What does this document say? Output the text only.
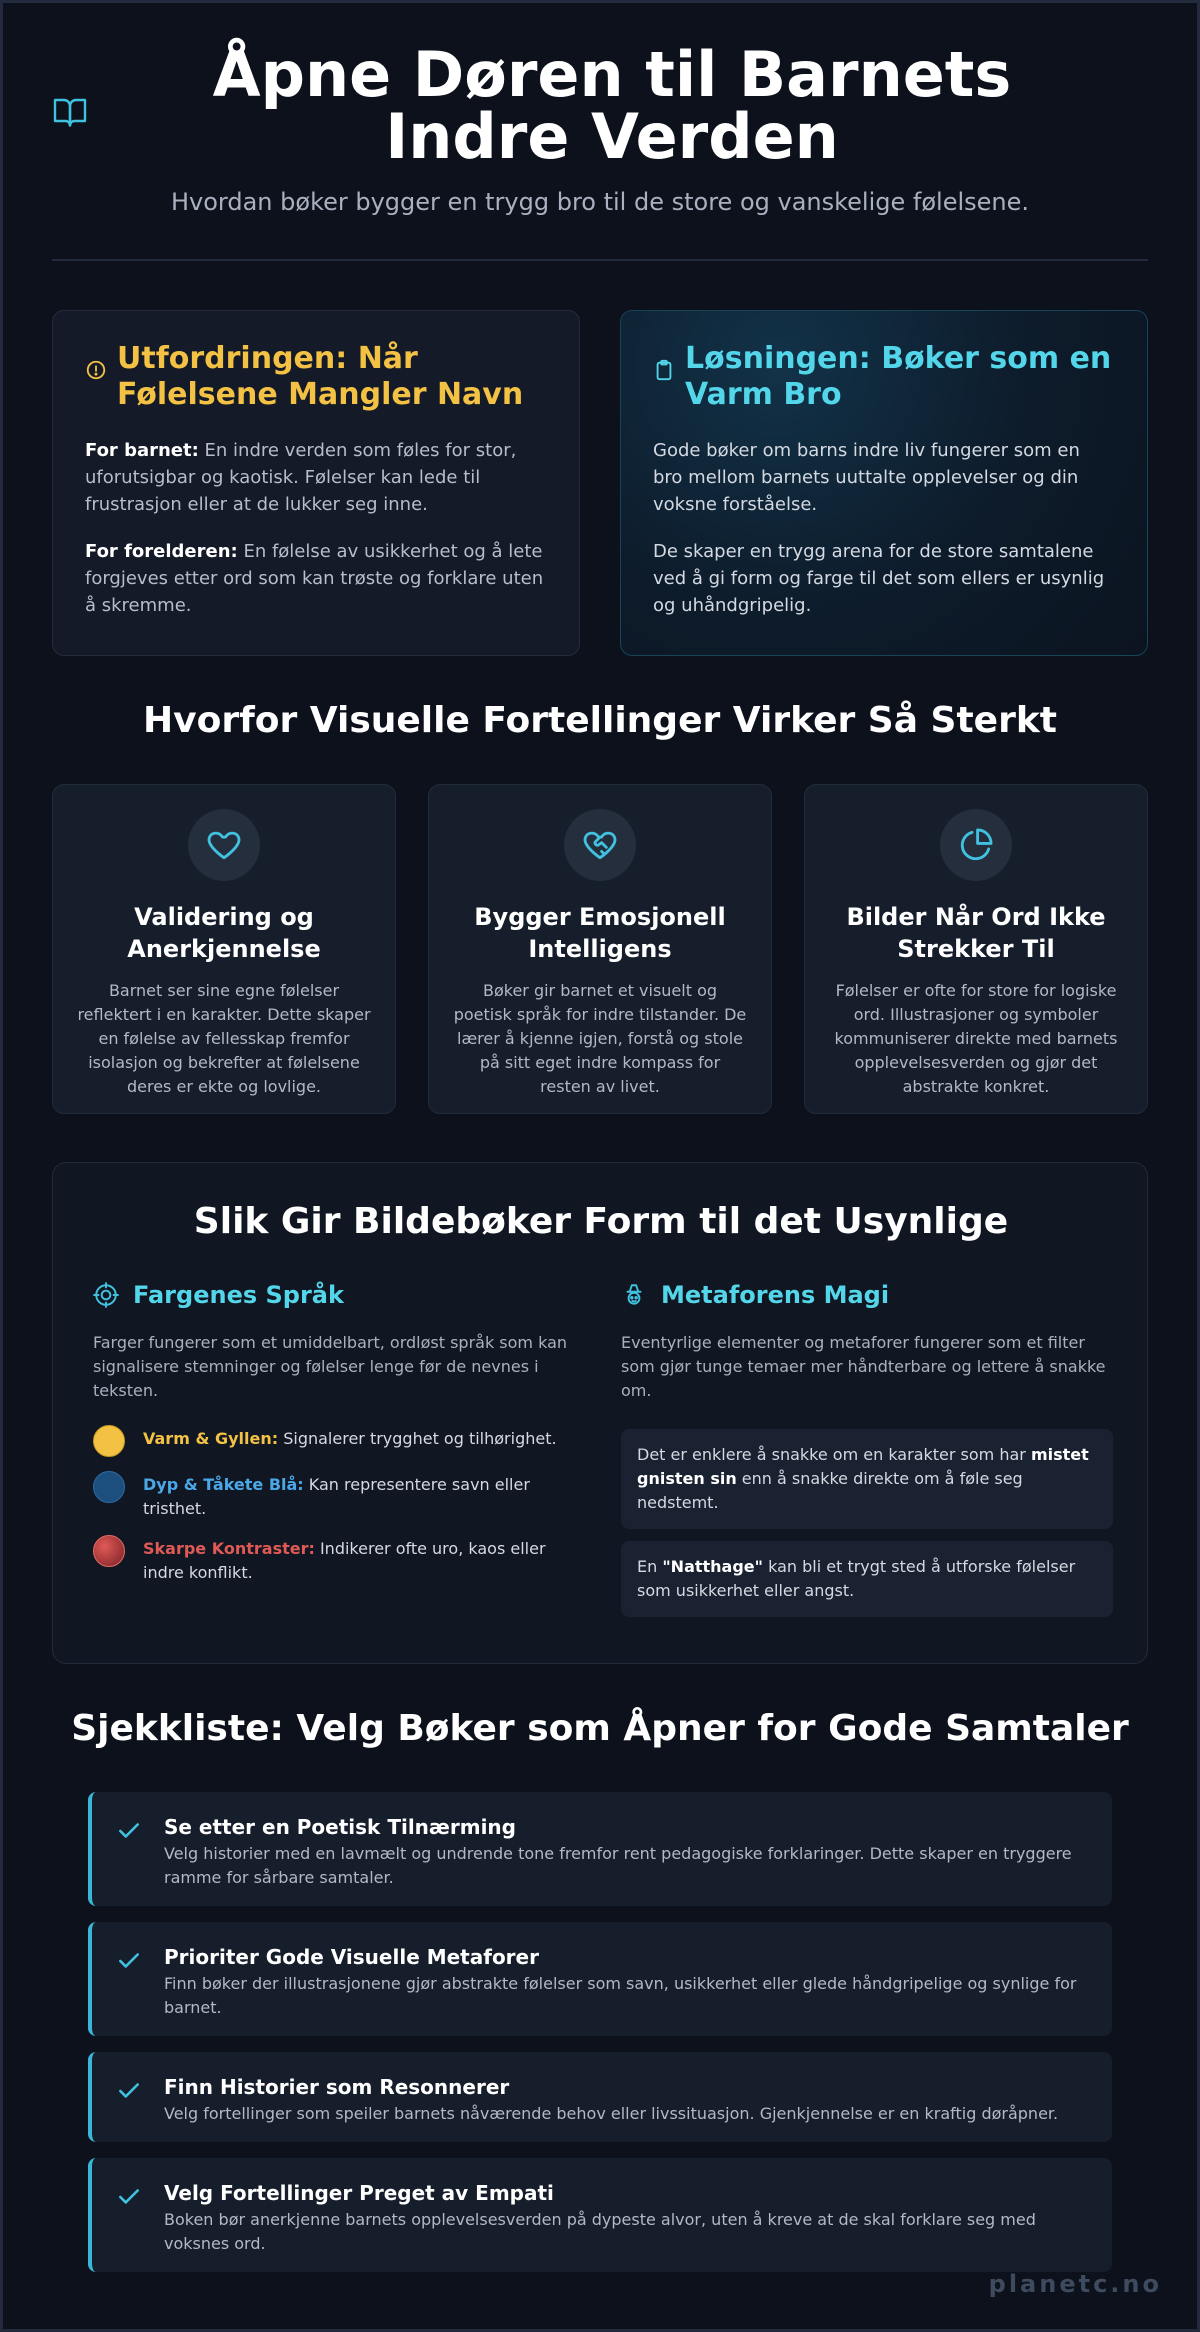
Åpne Døren til Barnets Indre Verden

Hvordan bøker bygger en trygg bro til de store og vanskelige følelsene.

Utfordringen: Når Følelsene Mangler Navn

For barnet: En indre verden som føles for stor, uforutsigbar og kaotisk. Følelser kan lede til frustrasjon eller at de lukker seg inne.

For forelderen: En følelse av usikkerhet og å lete forgjeves etter ord som kan trøste og forklare uten å skremme.

Løsningen: Bøker som en Varm Bro

Gode bøker om barns indre liv fungerer som en bro mellom barnets uuttalte opplevelser og din voksne forståelse.

De skaper en trygg arena for de store samtalene ved å gi form og farge til det som ellers er usynlig og uhåndgripelig.

Hvorfor Visuelle Fortellinger Virker Så Sterkt
Validering og Anerkjennelse

Barnet ser sine egne følelser reflektert i en karakter. Dette skaper en følelse av fellesskap fremfor isolasjon og bekrefter at følelsene deres er ekte og lovlige.

Bygger Emosjonell Intelligens

Bøker gir barnet et visuelt og poetisk språk for indre tilstander. De lærer å kjenne igjen, forstå og stole på sitt eget indre kompass for resten av livet.

Bilder Når Ord Ikke Strekker Til

Følelser er ofte for store for logiske ord. Illustrasjoner og symboler kommuniserer direkte med barnets opplevelsesverden og gjør det abstrakte konkret.

Slik Gir Bildebøker Form til det Usynlige
Fargenes Språk

Farger fungerer som et umiddelbart, ordløst språk som kan signalisere stemninger og følelser lenge før de nevnes i teksten.

Varm & Gyllen: Signalerer trygghet og tilhørighet.
Dyp & Tåkete Blå: Kan representere savn eller tristhet.
Skarpe Kontraster: Indikerer ofte uro, kaos eller indre konflikt.
Metaforens Magi

Eventyrlige elementer og metaforer fungerer som et filter som gjør tunge temaer mer håndterbare og lettere å snakke om.

Det er enklere å snakke om en karakter som har mistet gnisten sin enn å snakke direkte om å føle seg nedstemt.
En "Natthage" kan bli et trygt sted å utforske følelser som usikkerhet eller angst.
Sjekkliste: Velg Bøker som Åpner for Gode Samtaler
Se etter en Poetisk Tilnærming

Velg historier med en lavmælt og undrende tone fremfor rent pedagogiske forklaringer. Dette skaper en tryggere ramme for sårbare samtaler.

Prioriter Gode Visuelle Metaforer

Finn bøker der illustrasjonene gjør abstrakte følelser som savn, usikkerhet eller glede håndgripelige og synlige for barnet.

Finn Historier som Resonnerer

Velg fortellinger som speiler barnets nåværende behov eller livssituasjon. Gjenkjennelse er en kraftig døråpner.

Velg Fortellinger Preget av Empati

Boken bør anerkjenne barnets opplevelsesverden på dypeste alvor, uten å kreve at de skal forklare seg med voksnes ord.

planetc.no
